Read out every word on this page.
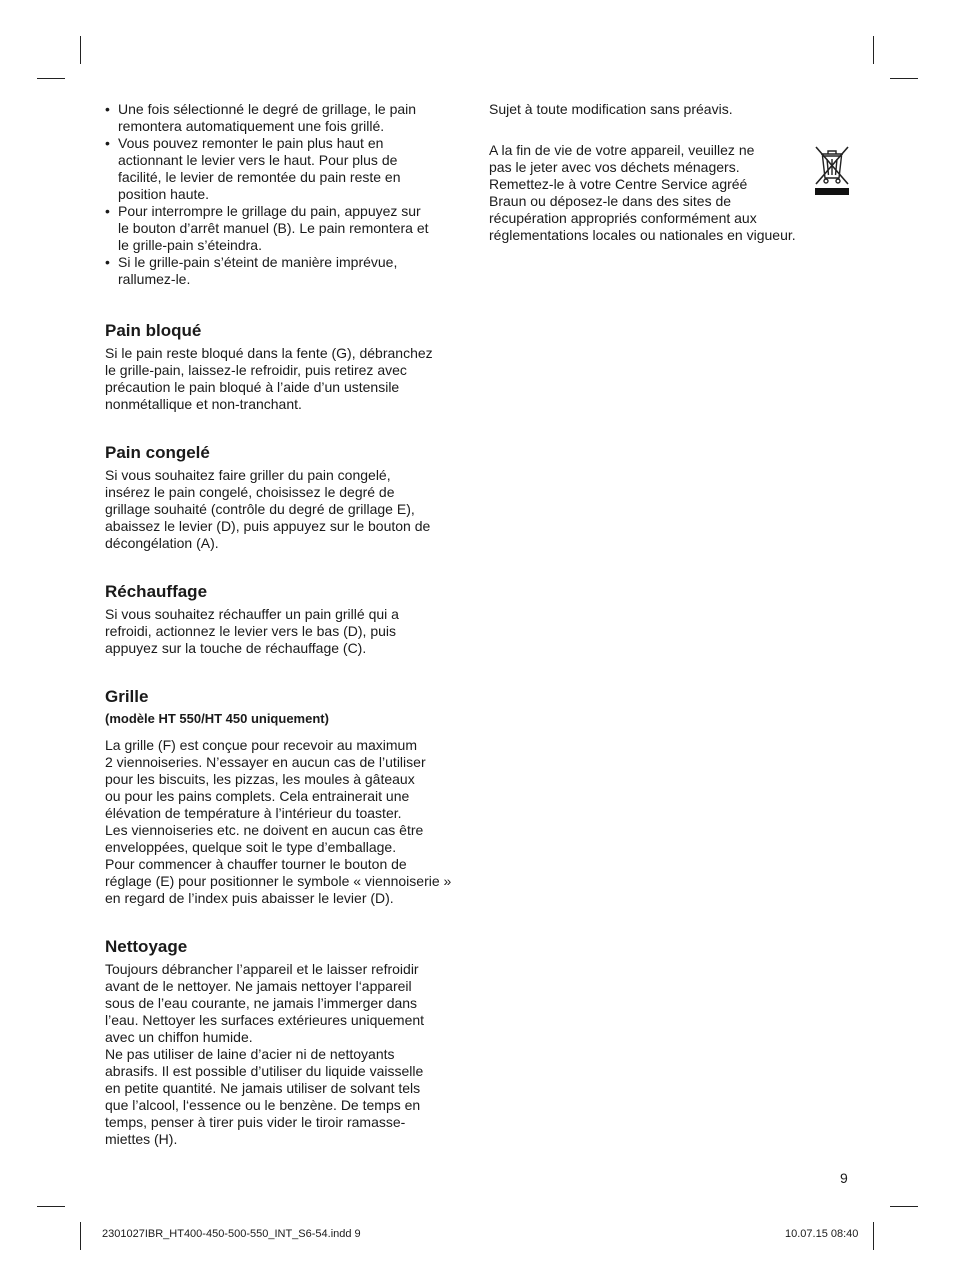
• Une fois sélectionné le degré de grillage, le pain
remontera automatiquement une fois grillé.
• Vous pouvez remonter le pain plus haut en
actionnant le levier vers le haut. Pour plus de
facilité, le levier de remontée du pain reste en
position haute.
• Pour interrompre le grillage du pain, appuyez sur
le bouton d’arrêt manuel (B). Le pain remontera et
le grille-pain s’éteindra.
• Si le grille-pain s’éteint de manière imprévue,
rallumez-le.
Pain bloqué

Si le pain reste bloqué dans la fente (G), débranchez
le grille-pain, laissez-le refroidir, puis retirez avec
précaution le pain bloqué à l’aide d’un ustensile
nonmétallique et non-tranchant.

Pain congelé

Si vous souhaitez faire griller du pain congelé,
insérez le pain congelé, choisissez le degré de
grillage souhaité (contrôle du degré de grillage E),
abaissez le levier (D), puis appuyez sur le bouton de
décongélation (A).

Réchauffage

Si vous souhaitez réchauffer un pain grillé qui a
refroidi, actionnez le levier vers le bas (D), puis
appuyez sur la touche de réchauffage (C).

Grille
(modèle HT 550/HT 450 uniquement)

La grille (F) est conçue pour recevoir au maximum
2 viennoiseries. N’essayer en aucun cas de l’utiliser
pour les biscuits, les pizzas, les moules à gâteaux
ou pour les pains complets. Cela entrainerait une
élévation de température à l’intérieur du toaster.
Les viennoiseries etc. ne doivent en aucun cas être
enveloppées, quelque soit le type d’emballage.
Pour commencer à chauffer tourner le bouton de
réglage (E) pour positionner le symbole « viennoiserie »
en regard de l’index puis abaisser le levier (D).

Nettoyage

Toujours débrancher l’appareil et le laisser refroidir
avant de le nettoyer. Ne jamais nettoyer l‘appareil
sous de l’eau courante, ne jamais l’immerger dans
l’eau. Nettoyer les surfaces extérieures uniquement
avec un chiffon humide.
Ne pas utiliser de laine d’acier ni de nettoyants
abrasifs. Il est possible d’utiliser du liquide vaisselle
en petite quantité. Ne jamais utiliser de solvant tels
que l’alcool, l‘essence ou le benzène. De temps en
temps, penser à tirer puis vider le tiroir ramasse-
miettes (H).

Sujet à toute modification sans préavis.

A la fin de vie de votre appareil, veuillez ne
pas le jeter avec vos déchets ménagers.
Remettez-le à votre Centre Service agréé
Braun ou déposez-le dans des sites de
récupération appropriés conformément aux
réglementations locales ou nationales en vigueur.

9
2301027IBR_HT400-450-500-550_INT_S6-54.indd 9	10.07.15 08:40
